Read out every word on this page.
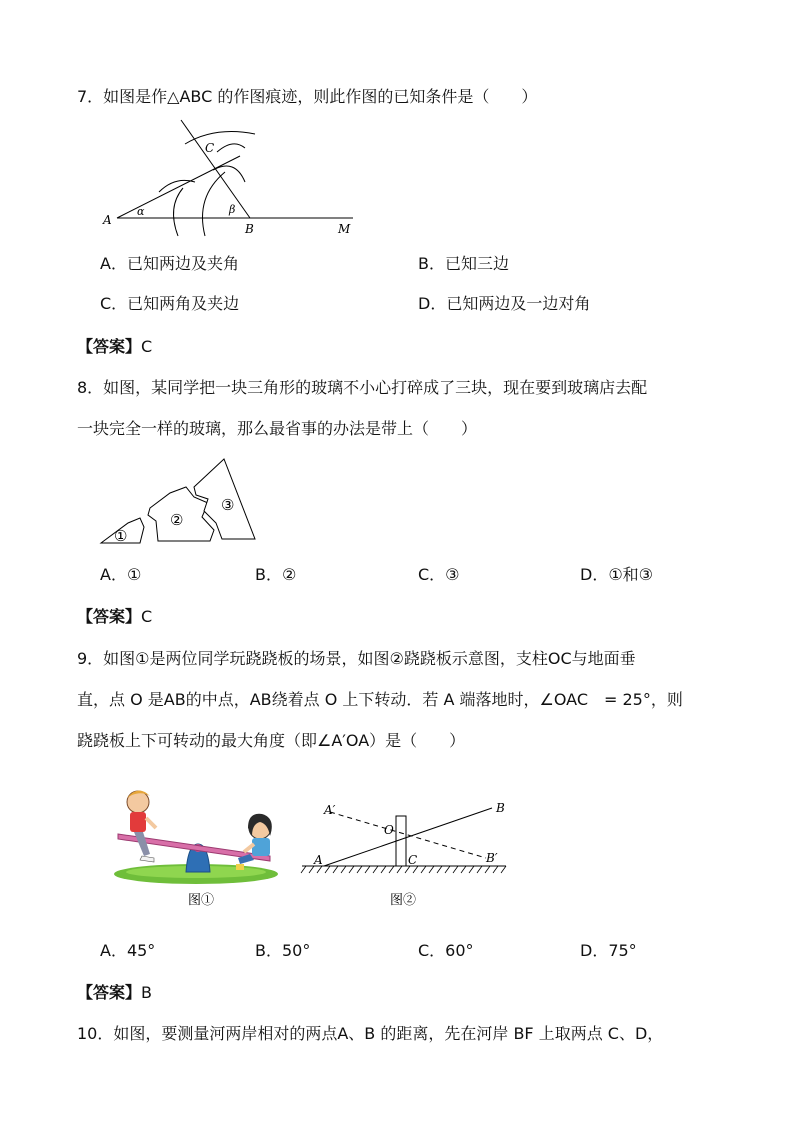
7．如图是作△ABC 的作图痕迹，则此作图的已知条件是（　　）
A
C
B	M
α	β
A．已知两边及夹角	B．已知三边
C．已知两角及夹边	D．已知两边及一边对角
【答案】C
8．如图，某同学把一块三角形的玻璃不小心打碎成了三块，现在要到玻璃店去配
一块完全一样的玻璃，那么最省事的办法是带上（　　）
①
②
③
A．①	B．②	C．③	D．①和③
【答案】C
9．如图①是两位同学玩跷跷板的场景，如图②跷跷板示意图，支柱OC与地面垂
直，点 O 是AB的中点，AB绕着点 O 上下转动．若 A 端落地时，∠OAC　= 25°，则
跷跷板上下可转动的最大角度（即∠A′OA）是（　　）
图①
A′	B
O
A	C	B′
图②
A．45°	B．50°	C．60°	D．75°
【答案】B
10．如图，要测量河两岸相对的两点A、B 的距离，先在河岸 BF 上取两点 C、D，
